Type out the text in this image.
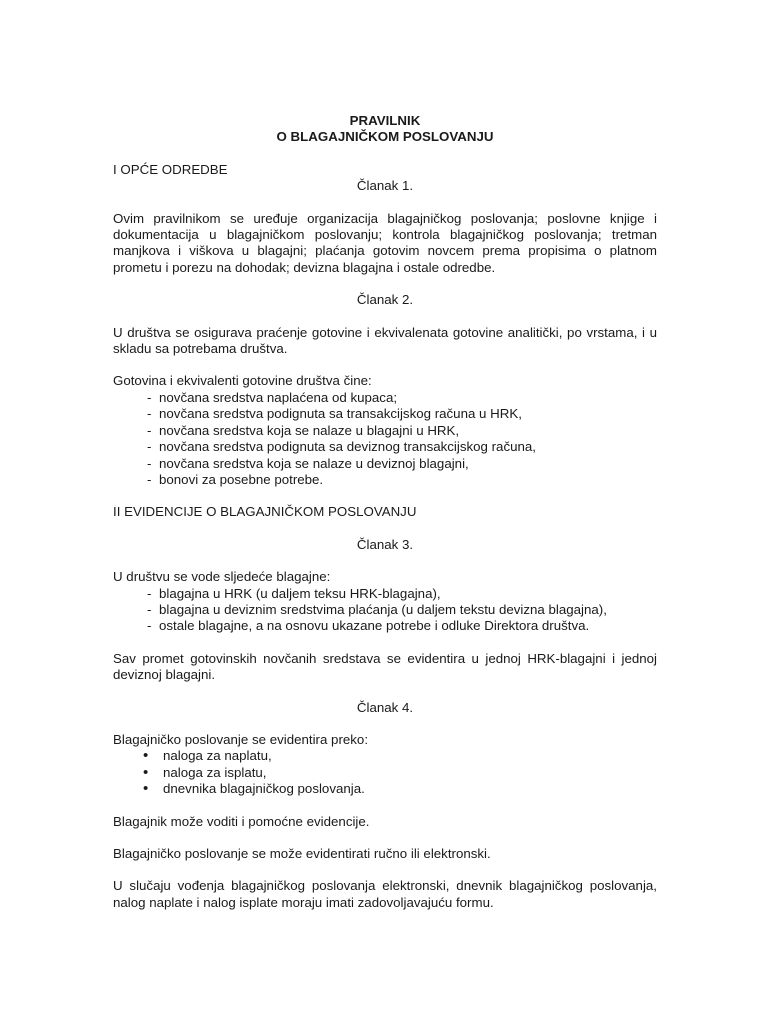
PRAVILNIK

O BLAGAJNIČKOM POSLOVANJU

I OPĆE ODREDBE

Članak 1.

Ovim pravilnikom se uređuje organizacija blagajničkog poslovanja; poslovne knjige i dokumentacija u blagajničkom poslovanju; kontrola blagajničkog poslovanja; tretman manjkova i viškova u blagajni; plaćanja gotovim novcem prema propisima o platnom prometu i porezu na dohodak; devizna blagajna i ostale odredbe.

Članak 2.

U društva se osigurava praćenje gotovine i ekvivalenata gotovine analitički, po vrstama, i u skladu sa potrebama društva.

Gotovina i ekvivalenti gotovine društva čine:

- novčana sredstva naplaćena od kupaca;
- novčana sredstva podignuta sa transakcijskog računa u HRK,
- novčana sredstva koja se nalaze u blagajni u HRK,
- novčana sredstva podignuta sa deviznog transakcijskog računa,
- novčana sredstva koja se nalaze u deviznoj blagajni,
- bonovi za posebne potrebe.

II EVIDENCIJE O BLAGAJNIČKOM POSLOVANJU

Članak 3.

U društvu se vode sljedeće blagajne:

- blagajna u HRK (u daljem teksu HRK-blagajna),
- blagajna u deviznim sredstvima plaćanja (u daljem tekstu devizna blagajna),
- ostale blagajne, a na osnovu ukazane potrebe i odluke Direktora društva.

Sav promet gotovinskih novčanih sredstava se evidentira u jednoj HRK-blagajni i jednoj deviznoj blagajni.

Članak 4.

Blagajničko poslovanje se evidentira preko:

• naloga za naplatu,
• naloga za isplatu,
• dnevnika blagajničkog poslovanja.

Blagajnik može voditi i pomoćne evidencije.

Blagajničko poslovanje se može evidentirati ručno ili elektronski.

U slučaju vođenja blagajničkog poslovanja elektronski, dnevnik blagajničkog poslovanja, nalog naplate i nalog isplate moraju imati zadovoljavajuću formu.
